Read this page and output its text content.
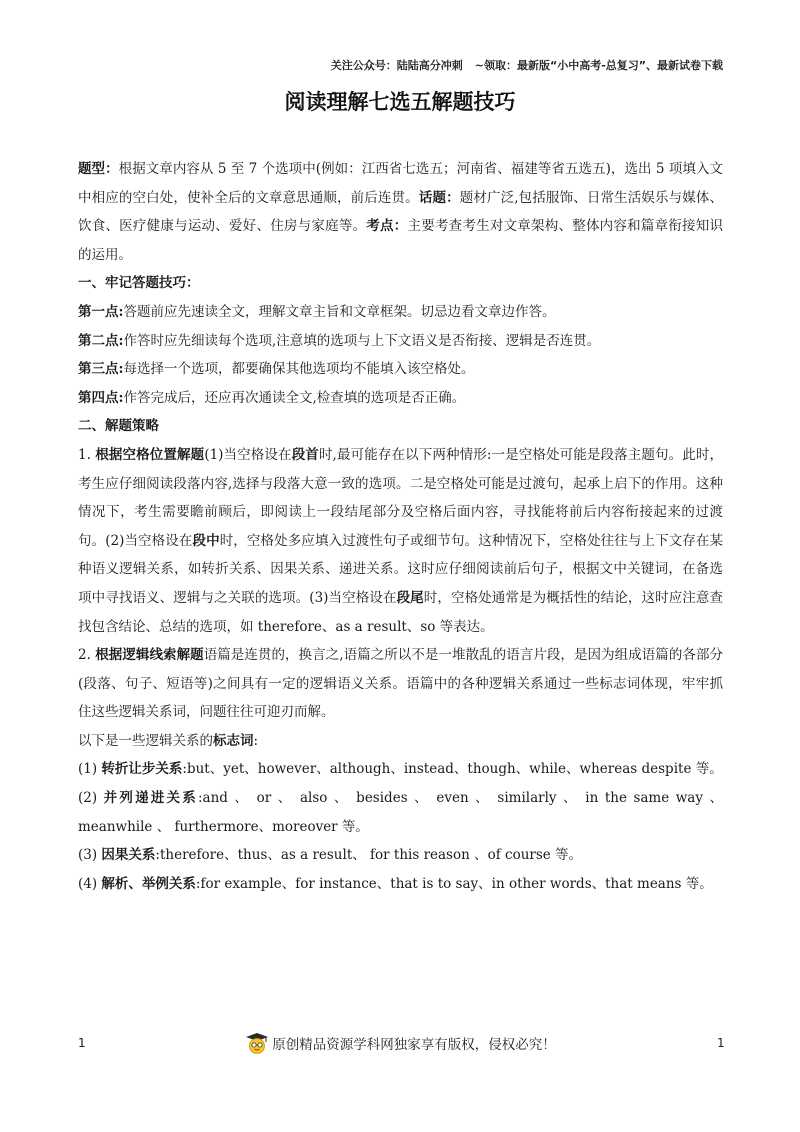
关注公众号：陆陆高分冲刺 ~领取：最新版“小中高考-总复习”、最新试卷下载
阅读理解七选五解题技巧

题型：根据文章内容从 5 至 7 个选项中(例如：江西省七选五；河南省、福建等省五选五)，选出 5 项填入文中相应的空白处，使补全后的文章意思通顺，前后连贯。话题：题材广泛,包括服饰、日常生活娱乐与媒体、饮食、医疗健康与运动、爱好、住房与家庭等。考点：主要考查考生对文章架构、整体内容和篇章衔接知识的运用。

一、牢记答题技巧：

第一点:答题前应先速读全文，理解文章主旨和文章框架。切忌边看文章边作答。

第二点:作答时应先细读每个选项,注意填的选项与上下文语义是否衔接、逻辑是否连贯。

第三点:每选择一个选项，都要确保其他选项均不能填入该空格处。

第四点:作答完成后，还应再次通读全文,检查填的选项是否正确。

二、解题策略

1. 根据空格位置解题(1)当空格设在段首时,最可能存在以下两种情形:一是空格处可能是段落主题句。此时，考生应仔细阅读段落内容,选择与段落大意一致的选项。二是空格处可能是过渡句，起承上启下的作用。这种情况下，考生需要瞻前顾后，即阅读上一段结尾部分及空格后面内容，寻找能将前后内容衔接起来的过渡句。(2)当空格设在段中时，空格处多应填入过渡性句子或细节句。这种情况下，空格处往往与上下文存在某种语义逻辑关系，如转折关系、因果关系、递进关系。这时应仔细阅读前后句子，根据文中关键词，在备选项中寻找语义、逻辑与之关联的选项。(3)当空格设在段尾时，空格处通常是为概括性的结论，这时应注意查找包含结论、总结的选项，如 therefore、as a result、so 等表达。

2. 根据逻辑线索解题语篇是连贯的，换言之,语篇之所以不是一堆散乱的语言片段，是因为组成语篇的各部分(段落、句子、短语等)之间具有一定的逻辑语义关系。语篇中的各种逻辑关系通过一些标志词体现，牢牢抓住这些逻辑关系词，问题往往可迎刃而解。

以下是一些逻辑关系的标志词:

(1) 转折让步关系:but、yet、however、although、instead、though、while、whereas despite 等。

(2) 并列递进关系:and 、 or 、 also 、 besides 、 even 、 similarly 、 in the same way 、 meanwhile 、 furthermore、moreover 等。

(3) 因果关系:therefore、thus、as a result、 for this reason 、of course 等。

(4) 解析、举例关系:for example、for instance、that is to say、in other words、that means 等。

1	1
原创精品资源学科网独家享有版权，侵权必究！
